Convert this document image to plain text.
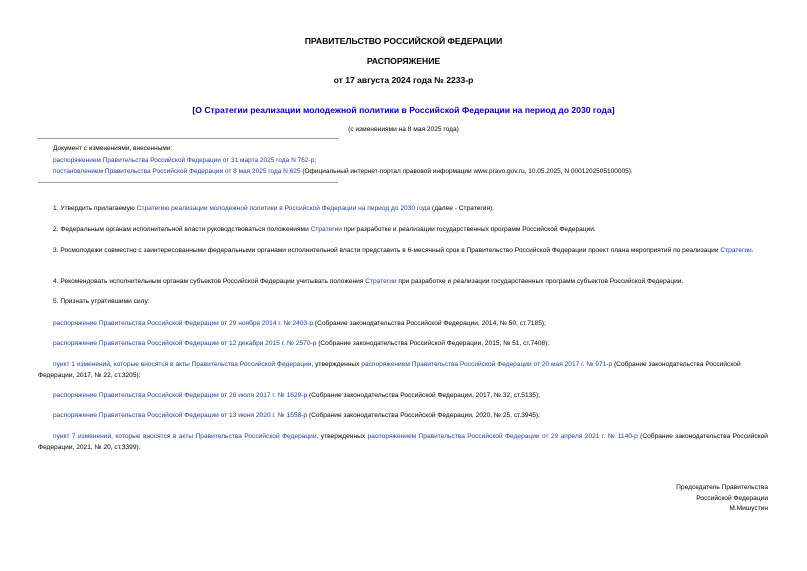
ПРАВИТЕЛЬСТВО РОССИЙСКОЙ ФЕДЕРАЦИИ
РАСПОРЯЖЕНИЕ
от 17 августа 2024 года № 2233-р
[О Стратегии реализации молодежной политики в Российской Федерации на период до 2030 года]
(с изменениями на 8 мая 2025 года)
Документ с изменениями, внесенными:
распоряжением Правительства Российской Федерации от 31 марта 2025 года N 762-р;
постановлением Правительства Российской Федерации от 8 мая 2025 года N 625 (Официальный интернет-портал правовой информации www.pravo.gov.ru, 10.05.2025, N 0001202505100005).
1. Утвердить прилагаемую Стратегию реализации молодежной политики в Российской Федерации на период до 2030 года (далее - Стратегия).
2. Федеральным органам исполнительной власти руководствоваться положениями Стратегии при разработке и реализации государственных программ Российской Федерации.
3. Росмолодежи совместно с заинтересованными федеральными органами исполнительной власти представить в 6-месячный срок в Правительство Российской Федерации проект плана мероприятий по реализации Стратегии.
4. Рекомендовать исполнительным органам субъектов Российской Федерации учитывать положения Стратегии при разработке и реализации государственных программ субъектов Российской Федерации.
5. Признать утратившими силу:
распоряжение Правительства Российской Федерации от 29 ноября 2014 г. № 2403-р (Собрание законодательства Российской Федерации, 2014, № 50, ст.7185);
распоряжение Правительства Российской Федерации от 12 декабря 2015 г. № 2570-р (Собрание законодательства Российской Федерации, 2015, № 51, ст.7408);
пункт 1 изменений, которые вносятся в акты Правительства Российской Федерации, утвержденных распоряжением Правительства Российской Федерации от 20 мая 2017 г. № 971-р (Собрание законодательства Российской Федерации, 2017, № 22, ст.3205);
распоряжение Правительства Российской Федерации от 28 июля 2017 г. № 1629-р (Собрание законодательства Российской Федерации, 2017, № 32, ст.5135);
распоряжение Правительства Российской Федерации от 13 июня 2020 г. № 1558-р (Собрание законодательства Российской Федерации, 2020, № 25, ст.3945);
пункт 7 изменений, которые вносятся в акты Правительства Российской Федерации, утвержденных распоряжением Правительства Российской Федерации от 29 апреля 2021 г. № 1140-р (Собрание законодательства Российской Федерации, 2021, № 20, ст.3399).
Председатель Правительства
Российской Федерации
М.Мишустин
